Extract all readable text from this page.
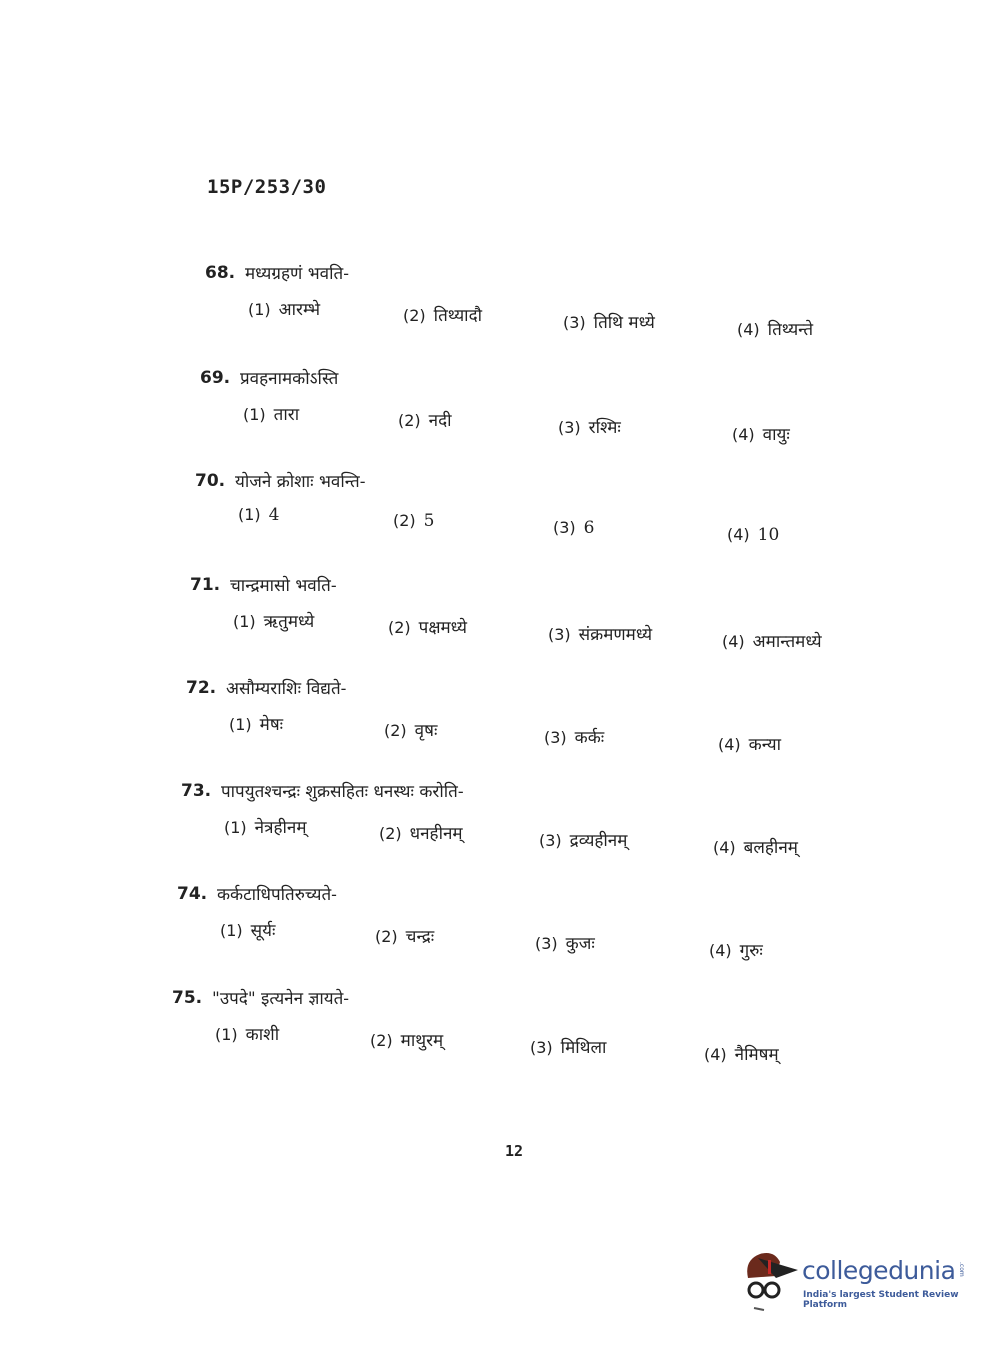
15P/253/30
68. मध्यग्रहणं भवति-
(1) आरम्भे	(2) तिथ्यादौ	(3) तिथि मध्ये	(4) तिथ्यन्ते
69. प्रवहनामकोऽस्ति
(1) तारा	(2) नदी	(3) रश्मिः	(4) वायुः
70. योजने क्रोशाः भवन्ति-
(1) 4	(2) 5	(3) 6	(4) 10
71. चान्द्रमासो भवति-
(1) ऋतुमध्ये	(2) पक्षमध्ये	(3) संक्रमणमध्ये	(4) अमान्तमध्ये
72. असौम्यराशिः विद्यते-
(1) मेषः	(2) वृषः	(3) कर्कः	(4) कन्या
73. पापयुतश्चन्द्रः शुक्रसहितः धनस्थः करोति-
(1) नेत्रहीनम्	(2) धनहीनम्	(3) द्रव्यहीनम्	(4) बलहीनम्
74. कर्कटाधिपतिरुच्यते-
(1) सूर्यः	(2) चन्द्रः	(3) कुजः	(4) गुरुः
75. "उपदे" इत्यनेन ज्ञायते-
(1) काशी	(2) माथुरम्	(3) मिथिला	(4) नैमिषम्
12
collegedunia .com
India's largest Student Review Platform
